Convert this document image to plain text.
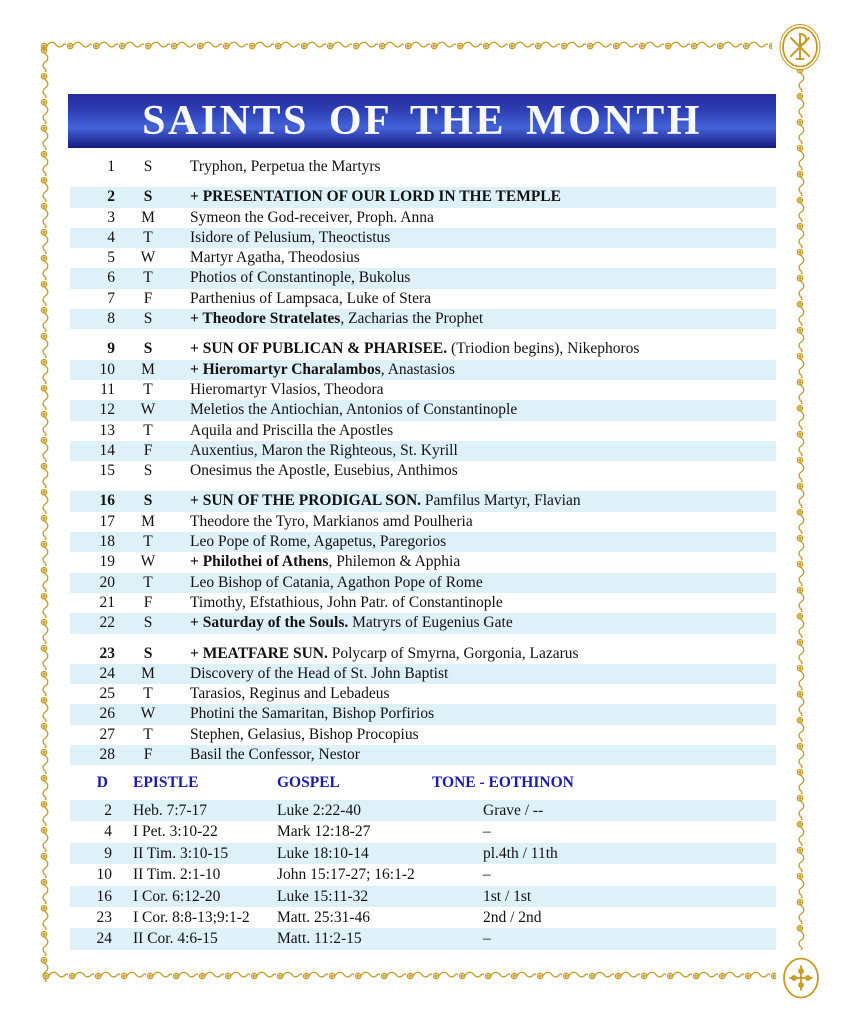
SAINTS OF THE MONTH
1	S	Tryphon, Perpetua the Martyrs
2	S	+ PRESENTATION OF OUR LORD IN THE TEMPLE
3	M	Symeon the God-receiver, Proph. Anna
4	T	Isidore of Pelusium, Theoctistus
5	W	Martyr Agatha, Theodosius
6	T	Photios of Constantinople, Bukolus
7	F	Parthenius of Lampsaca, Luke of Stera
8	S	+ Theodore Stratelates, Zacharias the Prophet
9	S	+ SUN OF PUBLICAN & PHARISEE. (Triodion begins), Nikephoros
10	M	+ Hieromartyr Charalambos, Anastasios
11	T	Hieromartyr Vlasios, Theodora
12	W	Meletios the Antiochian, Antonios of Constantinople
13	T	Aquila and Priscilla the Apostles
14	F	Auxentius, Maron the Righteous, St. Kyrill
15	S	Onesimus the Apostle, Eusebius, Anthimos
16	S	+ SUN OF THE PRODIGAL SON. Pamfilus Martyr, Flavian
17	M	Theodore the Tyro, Markianos amd Poulheria
18	T	Leo Pope of Rome, Agapetus, Paregorios
19	W	+ Philothei of Athens, Philemon & Apphia
20	T	Leo Bishop of Catania, Agathon Pope of Rome
21	F	Timothy, Efstathious, John Patr. of Constantinople
22	S	+ Saturday of the Souls. Matryrs of Eugenius Gate
23	S	+ MEATFARE SUN. Polycarp of Smyrna, Gorgonia, Lazarus
24	M	Discovery of the Head of St. John Baptist
25	T	Tarasios, Reginus and Lebadeus
26	W	Photini the Samaritan, Bishop Porfirios
27	T	Stephen, Gelasius, Bishop Procopius
28	F	Basil the Confessor, Nestor
D	EPISTLE	GOSPEL	TONE - EOTHINON
2	Heb. 7:7-17	Luke 2:22-40	Grave / --
4	I Pet. 3:10-22	Mark 12:18-27	–
9	II Tim. 3:10-15	Luke 18:10-14	pl.4th / 11th
10	II Tim. 2:1-10	John 15:17-27; 16:1-2	–
16	I Cor. 6:12-20	Luke 15:11-32	1st / 1st
23	I Cor. 8:8-13;9:1-2	Matt. 25:31-46	2nd / 2nd
24	II Cor. 4:6-15	Matt. 11:2-15	–
